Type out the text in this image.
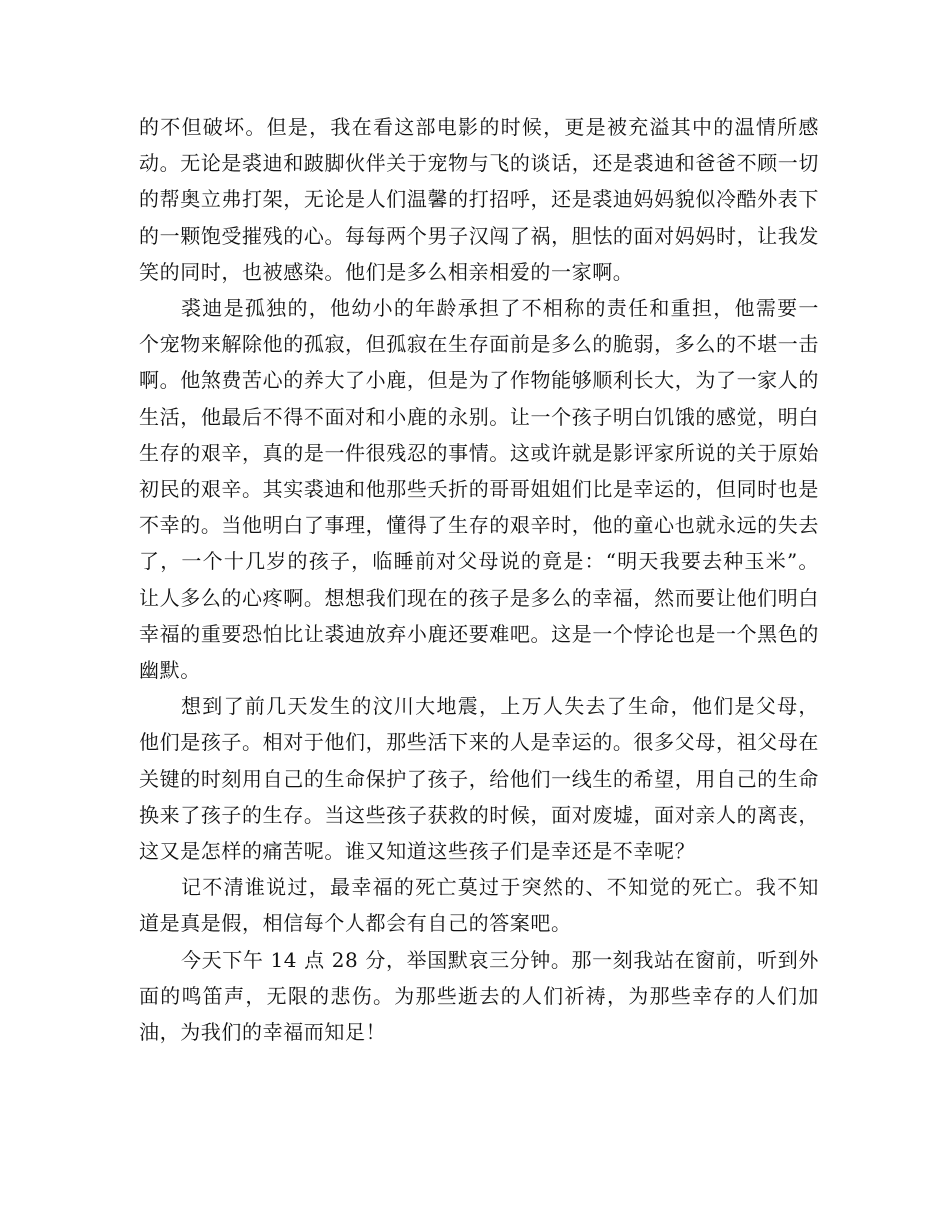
的不但破坏。但是，我在看这部电影的时候，更是被充溢其中的温情所感动。无论是裘迪和跛脚伙伴关于宠物与飞的谈话，还是裘迪和爸爸不顾一切的帮奥立弗打架，无论是人们温馨的打招呼，还是裘迪妈妈貌似冷酷外表下的一颗饱受摧残的心。每每两个男子汉闯了祸，胆怯的面对妈妈时，让我发笑的同时，也被感染。他们是多么相亲相爱的一家啊。

裘迪是孤独的，他幼小的年龄承担了不相称的责任和重担，他需要一个宠物来解除他的孤寂，但孤寂在生存面前是多么的脆弱，多么的不堪一击啊。他煞费苦心的养大了小鹿，但是为了作物能够顺利长大，为了一家人的生活，他最后不得不面对和小鹿的永别。让一个孩子明白饥饿的感觉，明白生存的艰辛，真的是一件很残忍的事情。这或许就是影评家所说的关于原始初民的艰辛。其实裘迪和他那些夭折的哥哥姐姐们比是幸运的，但同时也是不幸的。当他明白了事理，懂得了生存的艰辛时，他的童心也就永远的失去了，一个十几岁的孩子，临睡前对父母说的竟是：“明天我要去种玉米”。让人多么的心疼啊。想想我们现在的孩子是多么的幸福，然而要让他们明白幸福的重要恐怕比让裘迪放弃小鹿还要难吧。这是一个悖论也是一个黑色的幽默。

想到了前几天发生的汶川大地震，上万人失去了生命，他们是父母，他们是孩子。相对于他们，那些活下来的人是幸运的。很多父母，祖父母在关键的时刻用自己的生命保护了孩子，给他们一线生的希望，用自己的生命换来了孩子的生存。当这些孩子获救的时候，面对废墟，面对亲人的离丧，这又是怎样的痛苦呢。谁又知道这些孩子们是幸还是不幸呢？

记不清谁说过，最幸福的死亡莫过于突然的、不知觉的死亡。我不知道是真是假，相信每个人都会有自己的答案吧。

今天下午 14 点 28 分，举国默哀三分钟。那一刻我站在窗前，听到外面的鸣笛声，无限的悲伤。为那些逝去的人们祈祷，为那些幸存的人们加油，为我们的幸福而知足！
